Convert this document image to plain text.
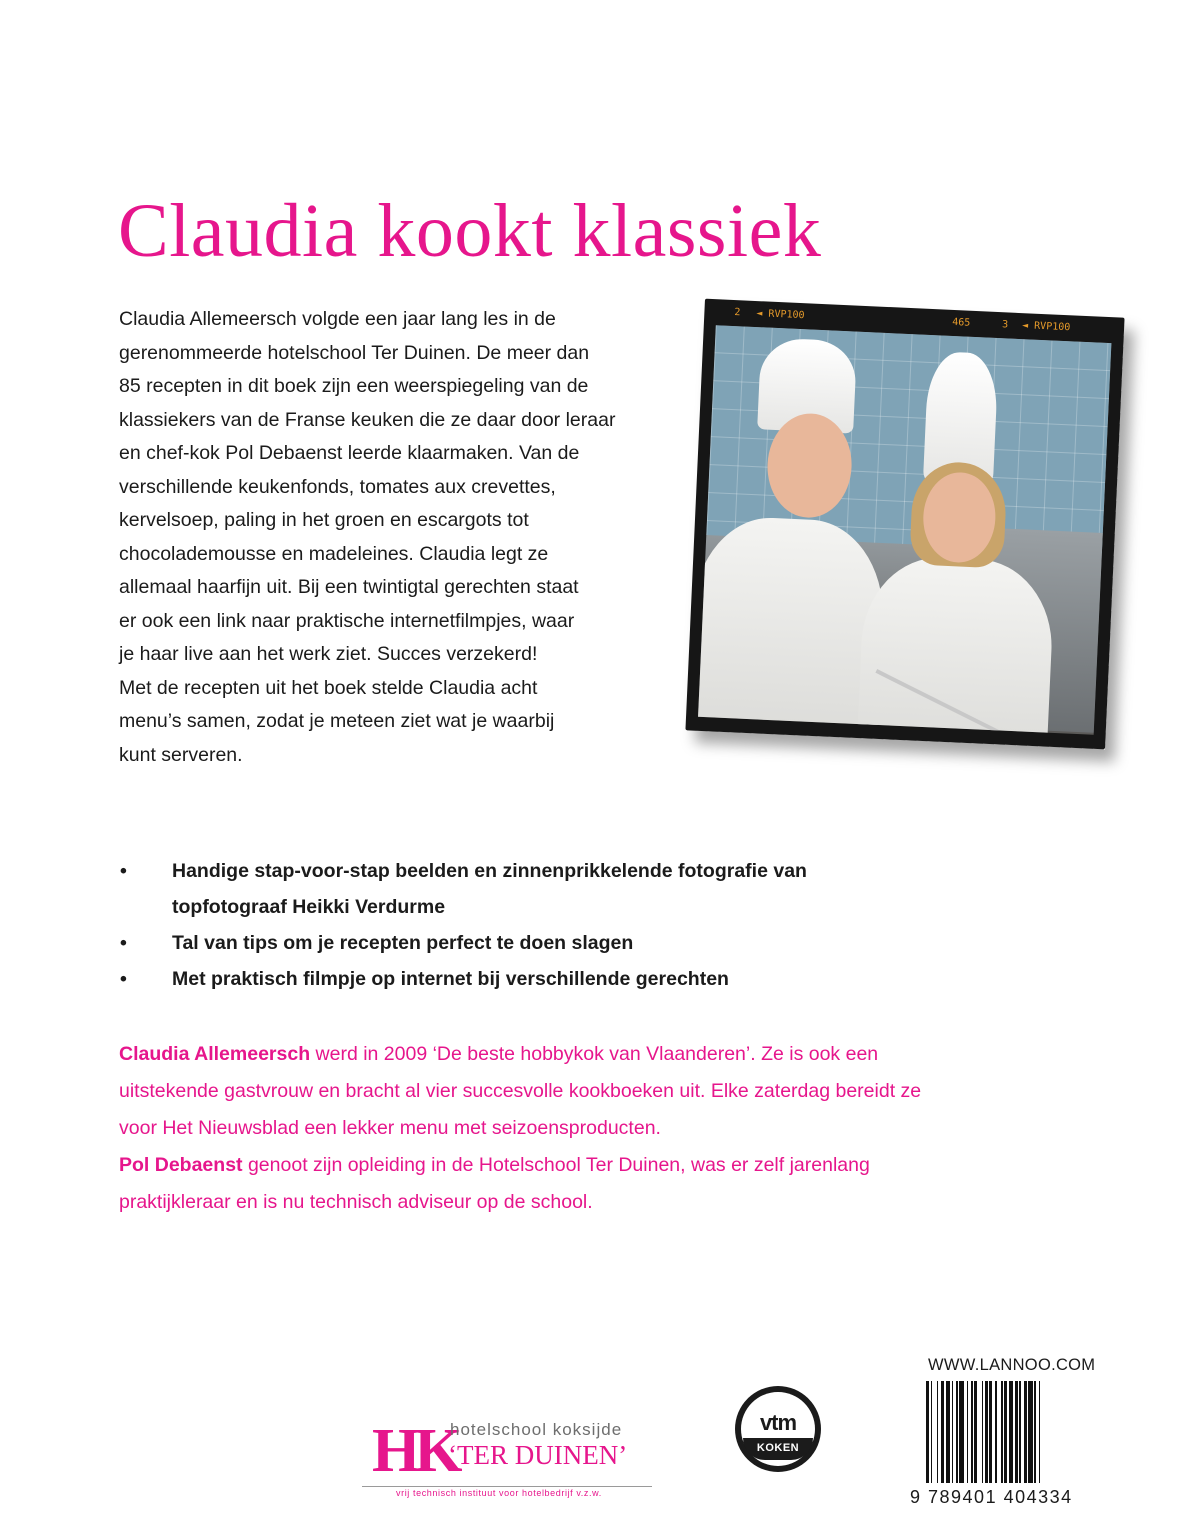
Claudia kookt klassiek

Claudia Allemeersch volgde een jaar lang les in de
gerenommeerde hotelschool Ter Duinen. De meer dan
85 recepten in dit boek zijn een weerspiegeling van de
klassiekers van de Franse keuken die ze daar door leraar
en chef-kok Pol Debaenst leerde klaarmaken. Van de
verschillende keukenfonds, tomates aux crevettes,
kervelsoep, paling in het groen en escargots tot
chocolademousse en madeleines. Claudia legt ze
allemaal haarfijn uit. Bij een twintigtal gerechten staat
er ook een link naar praktische internetfilmpjes, waar
je haar live aan het werk ziet. Succes verzekerd!
Met de recepten uit het boek stelde Claudia acht
menu’s samen, zodat je meteen ziet wat je waarbij
kunt serveren.

2 ◄ RVP100
465	3 ◄ RVP100
• Handige stap-voor-stap beelden en zinnenprikkelende fotografie van
topfotograaf Heikki Verdurme
• Tal van tips om je recepten perfect te doen slagen
• Met praktisch filmpje op internet bij verschillende gerechten

Claudia Allemeersch werd in 2009 ‘De beste hobbykok van Vlaanderen’. Ze is ook een
uitstekende gastvrouw en bracht al vier succesvolle kookboeken uit. Elke zaterdag bereidt ze
voor Het Nieuwsblad een lekker menu met seizoensproducten.
Pol Debaenst genoot zijn opleiding in de Hotelschool Ter Duinen, was er zelf jarenlang
praktijkleraar en is nu technisch adviseur op de school.

HK
hotelschool koksijde
‘TER DUINEN’
vrij technisch instituut voor hotelbedrijf v.z.w.
vtm
KOKEN
WWW.LANNOO.COM
9 789401 404334
